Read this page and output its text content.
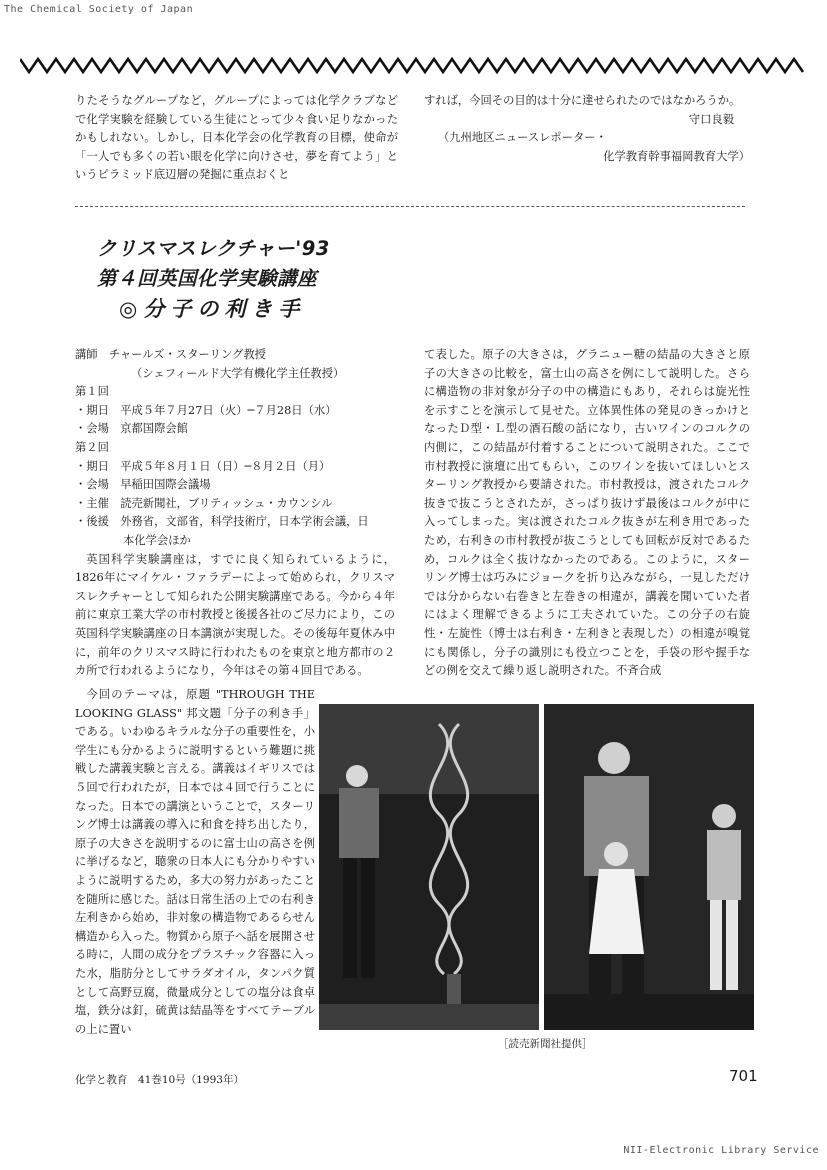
The Chemical Society of Japan
りたそうなグループなど，グループによっては化学クラブなどで化学実験を経験している生徒にとって少々食い足りなかったかもしれない。しかし，日本化学会の化学教育の目標，使命が「一人でも多くの若い眼を化学に向けさせ，夢を育てよう」というピラミッド底辺層の発掘に重点おくと

すれば，今回その目的は十分に達せられたのではなかろうか。

守口良毅

（九州地区ニュースレポーター・

化学教育幹事福岡教育大学）

クリスマスレクチャー'93
第４回英国化学実験講座
◎分子の利き手
講師　チャールズ・スターリング教授
（シェフィールド大学有機化学主任教授）
第１回
・期日　平成５年７月27日（火）─７月28日（水）
・会場　京都国際会館
第２回
・期日　平成５年８月１日（日）─８月２日（月）
・会場　早稲田国際会議場
・主催　読売新聞社，ブリティッシュ・カウンシル
・後援　外務省，文部省，科学技術庁，日本学術会議，日
本化学会ほか

英国科学実験講座は，すでに良く知られているように，1826年にマイケル・ファラデーによって始められ，クリスマスレクチャーとして知られた公開実験講座である。今から４年前に東京工業大学の市村教授と後援各社のご尽力により，この英国科学実験講座の日本講演が実現した。その後毎年夏休み中に，前年のクリスマス時に行われたものを東京と地方都市の２カ所で行われるようになり，今年はその第４回目である。

今回のテーマは，原題 "THROUGH THE LOOKING GLASS" 邦文題「分子の利き手」である。いわゆるキラルな分子の重要性を，小学生にも分かるように説明するという難題に挑戦した講義実験と言える。講義はイギリスでは５回で行われたが，日本では４回で行うことになった。日本での講演ということで，スターリング博士は講義の導入に和食を持ち出したり，原子の大きさを説明するのに富士山の高さを例に挙げるなど，聴衆の日本人にも分かりやすいように説明するため，多大の努力があったことを随所に感じた。話は日常生活の上での右利き左利きから始め，非対象の構造物であるらせん構造から入った。物質から原子へ話を展開させる時に，人間の成分をプラスチック容器に入った水，脂肪分としてサラダオイル，タンパク質として高野豆腐，微量成分としての塩分は食卓塩，鉄分は釘，硫黄は結晶等をすべてテーブルの上に置い

て表した。原子の大きさは，グラニュー糖の結晶の大きさと原子の大きさの比較を，富士山の高さを例にして説明した。さらに構造物の非対象が分子の中の構造にもあり，それらは旋光性を示すことを演示して見せた。立体異性体の発見のきっかけとなったＤ型・Ｌ型の酒石酸の話になり，古いワインのコルクの内側に，この結晶が付着することについて説明された。ここで市村教授に演壇に出てもらい，このワインを抜いてほしいとスターリング教授から要請された。市村教授は，渡されたコルク抜きで抜こうとされたが，さっぱり抜けず最後はコルクが中に入ってしまった。実は渡されたコルク抜きが左利き用であったため，右利きの市村教授が抜こうとしても回転が反対であるため，コルクは全く抜けなかったのである。このように，スターリング博士は巧みにジョークを折り込みながら，一見しただけでは分からない右巻きと左巻きの相違が，講義を聞いていた者にはよく理解できるように工夫されていた。この分子の右旋性・左旋性（博士は右利き・左利きと表現した）の相違が嗅覚にも関係し，分子の識別にも役立つことを，手袋の形や握手などの例を交えて繰り返し説明された。不斉合成

［読売新聞社提供］
化学と教育　41巻10号（1993年）	701
NII-Electronic Library Service
